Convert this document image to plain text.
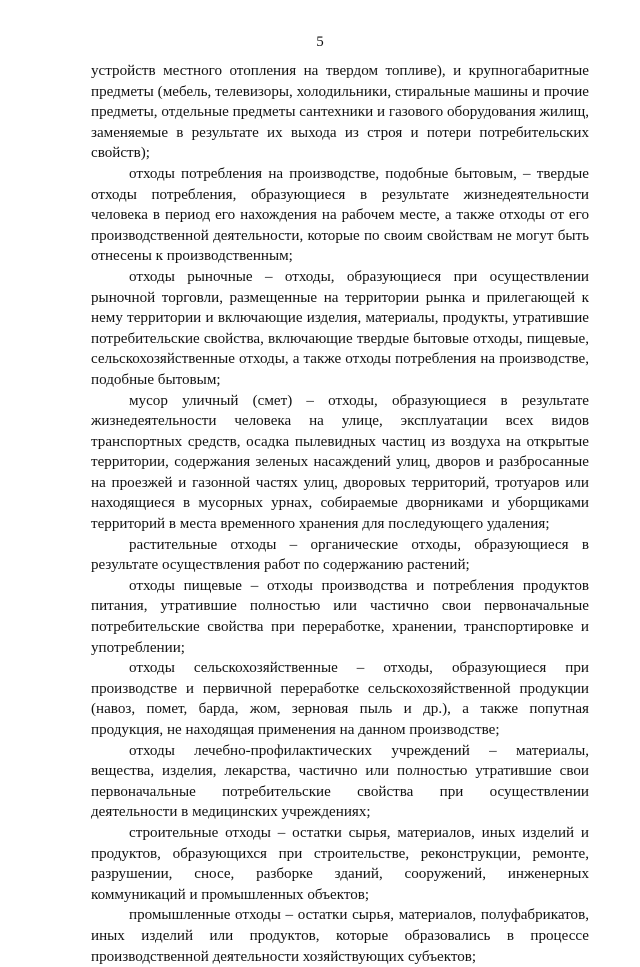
5

устройств местного отопления на твердом топливе), и крупногабаритные предметы (мебель, телевизоры, холодильники, стиральные машины и прочие предметы, отдельные предметы сантехники и газового оборудования жилищ, заменяемые в результате их выхода из строя и потери потребительских свойств);

отходы потребления на производстве, подобные бытовым, – твердые отходы потребления, образующиеся в результате жизнедеятельности человека в период его нахождения на рабочем месте, а также отходы от его производственной деятельности, которые по своим свойствам не могут быть отнесены к производственным;

отходы рыночные – отходы, образующиеся при осуществлении рыночной торговли, размещенные на территории рынка и прилегающей к нему территории и включающие изделия, материалы, продукты, утратившие потребительские свойства, включающие твердые бытовые отходы, пищевые, сельскохозяйственные отходы, а также отходы потребления на производстве, подобные бытовым;

мусор уличный (смет) – отходы, образующиеся в результате жизнедеятельности человека на улице, эксплуатации всех видов транспортных средств, осадка пылевидных частиц из воздуха на открытые территории, содержания зеленых насаждений улиц, дворов и разбросанные на проезжей и газонной частях улиц, дворовых территорий, тротуаров или находящиеся в мусорных урнах, собираемые дворниками и уборщиками территорий в места временного хранения для последующего удаления;

растительные отходы – органические отходы, образующиеся в результате осуществления работ по содержанию растений;

отходы пищевые – отходы производства и потребления продуктов питания, утратившие полностью или частично свои первоначальные потребительские свойства при переработке, хранении, транспортировке и употреблении;

отходы сельскохозяйственные – отходы, образующиеся при производстве и первичной переработке сельскохозяйственной продукции (навоз, помет, барда, жом, зерновая пыль и др.), а также попутная продукция, не находящая применения на данном производстве;

отходы лечебно-профилактических учреждений – материалы, вещества, изделия, лекарства, частично или полностью утратившие свои первоначальные потребительские свойства при осуществлении деятельности в медицинских учреждениях;

строительные отходы – остатки сырья, материалов, иных изделий и продуктов, образующихся при строительстве, реконструкции, ремонте, разрушении, сносе, разборке зданий, сооружений, инженерных коммуникаций и промышленных объектов;

промышленные отходы – остатки сырья, материалов, полуфабрикатов, иных изделий или продуктов, которые образовались в процессе производственной деятельности хозяйствующих субъектов;
